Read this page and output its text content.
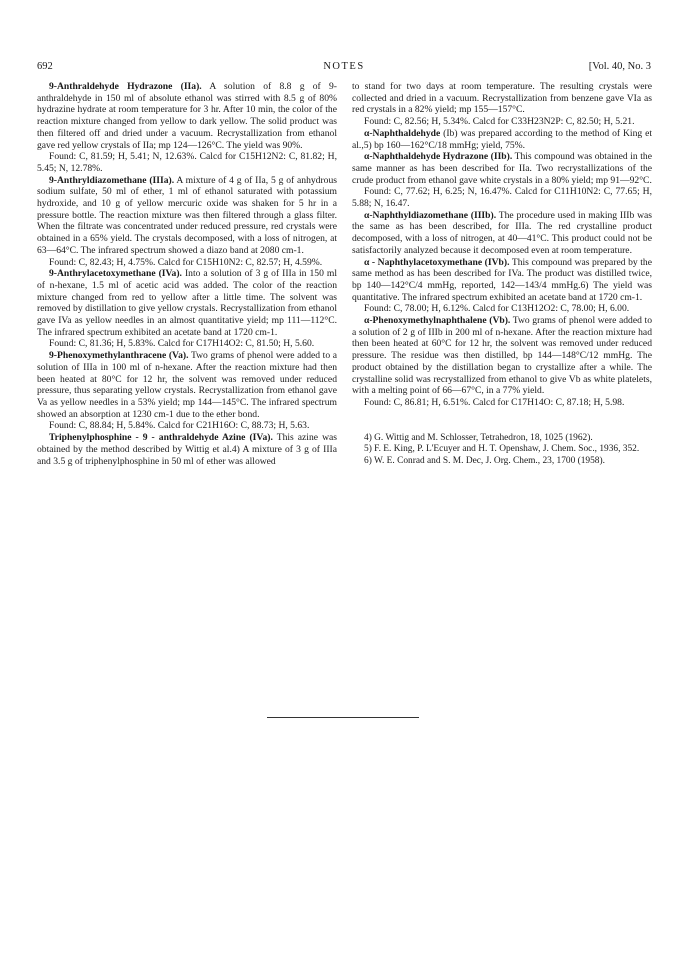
NOTES
692	[Vol. 40, No. 3

9-Anthraldehyde Hydrazone (IIa). A solution of 8.8 g of 9-anthraldehyde in 150 ml of absolute ethanol was stirred with 8.5 g of 80% hydrazine hydrate at room temperature for 3 hr. After 10 min, the color of the reaction mixture changed from yellow to dark yellow. The solid product was then filtered off and dried under a vacuum. Recrystallization from ethanol gave red yellow crystals of IIa; mp 124—126°C. The yield was 90%.

Found: C, 81.59; H, 5.41; N, 12.63%. Calcd for C15H12N2: C, 81.82; H, 5.45; N, 12.78%.

9-Anthryldiazomethane (IIIa). A mixture of 4 g of IIa, 5 g of anhydrous sodium sulfate, 50 ml of ether, 1 ml of ethanol saturated with potassium hydroxide, and 10 g of yellow mercuric oxide was shaken for 5 hr in a pressure bottle. The reaction mixture was then filtered through a glass filter. When the filtrate was concentrated under reduced pressure, red crystals were obtained in a 65% yield. The crystals decomposed, with a loss of nitrogen, at 63—64°C. The infrared spectrum showed a diazo band at 2080 cm-1.

Found: C, 82.43; H, 4.75%. Calcd for C15H10N2: C, 82.57; H, 4.59%.

9-Anthrylacetoxymethane (IVa). Into a solution of 3 g of IIIa in 150 ml of n-hexane, 1.5 ml of acetic acid was added. The color of the reaction mixture changed from red to yellow after a little time. The solvent was removed by distillation to give yellow crystals. Recrystallization from ethanol gave IVa as yellow needles in an almost quantitative yield; mp 111—112°C. The infrared spectrum exhibited an acetate band at 1720 cm-1.

Found: C, 81.36; H, 5.83%. Calcd for C17H14O2: C, 81.50; H, 5.60.

9-Phenoxymethylanthracene (Va). Two grams of phenol were added to a solution of IIIa in 100 ml of n-hexane. After the reaction mixture had then been heated at 80°C for 12 hr, the solvent was removed under reduced pressure, thus separating yellow crystals. Recrystallization from ethanol gave Va as yellow needles in a 53% yield; mp 144—145°C. The infrared spectrum showed an absorption at 1230 cm-1 due to the ether bond.

Found: C, 88.84; H, 5.84%. Calcd for C21H16O: C, 88.73; H, 5.63.

Triphenylphosphine - 9 - anthraldehyde Azine (IVa). This azine was obtained by the method described by Wittig et al.4) A mixture of 3 g of IIIa and 3.5 g of triphenylphosphine in 50 ml of ether was allowed

to stand for two days at room temperature. The resulting crystals were collected and dried in a vacuum. Recrystallization from benzene gave VIa as red crystals in a 82% yield; mp 155—157°C.

Found: C, 82.56; H, 5.34%. Calcd for C33H23N2P: C, 82.50; H, 5.21.

α-Naphthaldehyde (Ib) was prepared according to the method of King et al.,5) bp 160—162°C/18 mmHg; yield, 75%.

α-Naphthaldehyde Hydrazone (IIb). This compound was obtained in the same manner as has been described for IIa. Two recrystallizations of the crude product from ethanol gave white crystals in a 80% yield; mp 91—92°C.

Found: C, 77.62; H, 6.25; N, 16.47%. Calcd for C11H10N2: C, 77.65; H, 5.88; N, 16.47.

α-Naphthyldiazomethane (IIIb). The procedure used in making IIIb was the same as has been described, for IIIa. The red crystalline product decomposed, with a loss of nitrogen, at 40—41°C. This product could not be satisfactorily analyzed because it decomposed even at room temperature.

α - Naphthylacetoxymethane (IVb). This compound was prepared by the same method as has been described for IVa. The product was distilled twice, bp 140—142°C/4 mmHg, reported, 142—143/4 mmHg.6) The yield was quantitative. The infrared spectrum exhibited an acetate band at 1720 cm-1.

Found: C, 78.00; H, 6.12%. Calcd for C13H12O2: C, 78.00; H, 6.00.

α-Phenoxymethylnaphthalene (Vb). Two grams of phenol were added to a solution of 2 g of IIIb in 200 ml of n-hexane. After the reaction mixture had then been heated at 60°C for 12 hr, the solvent was removed under reduced pressure. The residue was then distilled, bp 144—148°C/12 mmHg. The product obtained by the distillation began to crystallize after a while. The crystalline solid was recrystallized from ethanol to give Vb as white platelets, with a melting point of 66—67°C, in a 77% yield.

Found: C, 86.81; H, 6.51%. Calcd for C17H14O: C, 87.18; H, 5.98.

4) G. Wittig and M. Schlosser, Tetrahedron, 18, 1025 (1962).

5) F. E. King, P. L'Ecuyer and H. T. Openshaw, J. Chem. Soc., 1936, 352.

6) W. E. Conrad and S. M. Dec, J. Org. Chem., 23, 1700 (1958).
